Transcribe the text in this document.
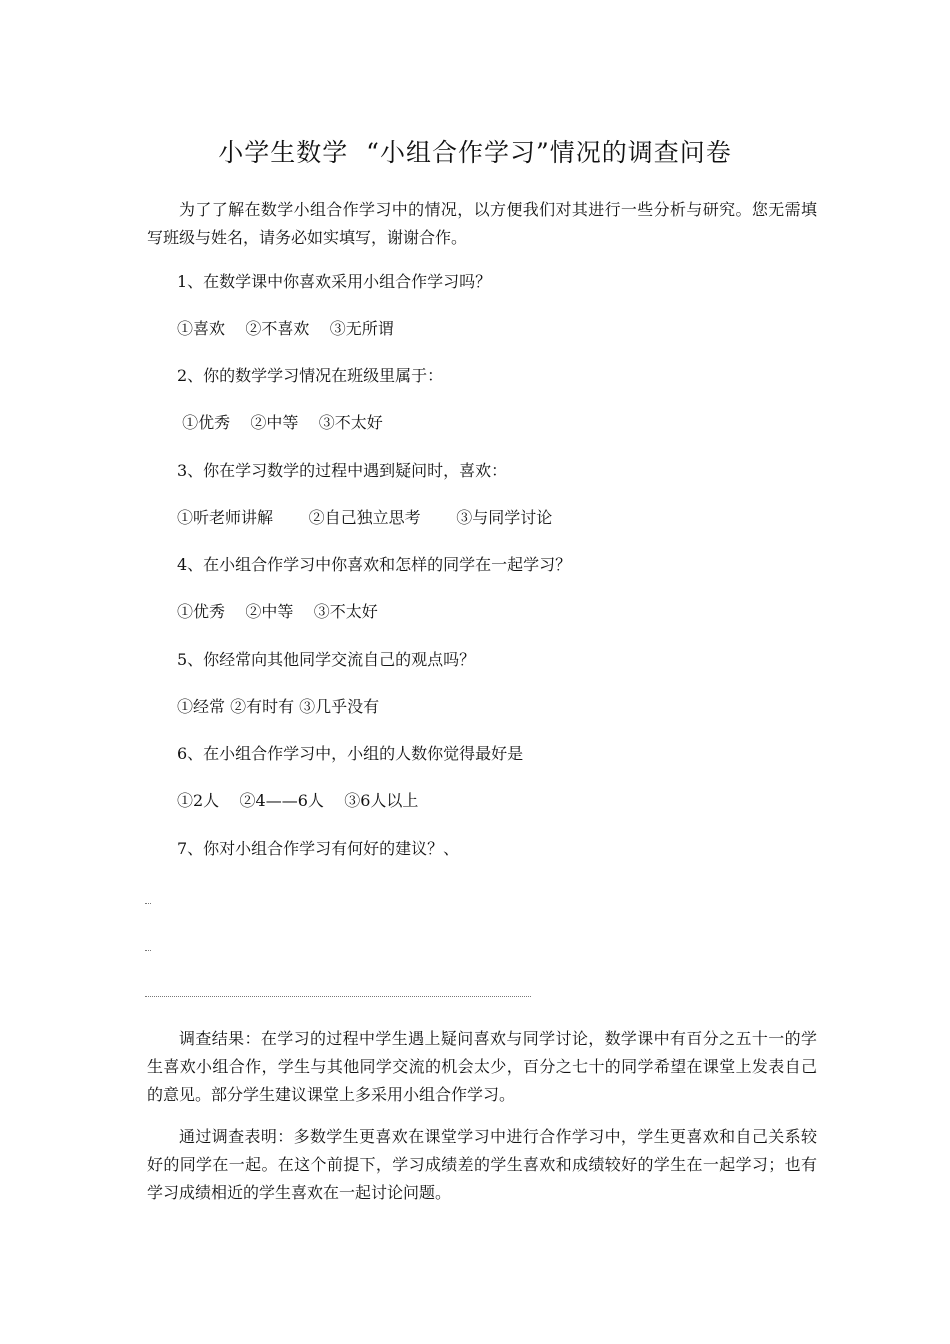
小学生数学  “小组合作学习”情况的调查问卷
为了了解在数学小组合作学习中的情况，以方便我们对其进行一些分析与研究。您无需填写班级与姓名，请务必如实填写，谢谢合作。
1、在数学课中你喜欢采用小组合作学习吗？
①喜欢    ②不喜欢    ③无所谓
2、你的数学学习情况在班级里属于：
①优秀    ②中等    ③不太好
3、你在学习数学的过程中遇到疑问时，喜欢：
①听老师讲解       ②自己独立思考       ③与同学讨论
4、在小组合作学习中你喜欢和怎样的同学在一起学习？
①优秀    ②中等    ③不太好
5、你经常向其他同学交流自己的观点吗？
①经常 ②有时有 ③几乎没有
6、在小组合作学习中，小组的人数你觉得最好是
①2人    ②4——6人    ③6人以上
7、你对小组合作学习有何好的建议？、
调查结果：在学习的过程中学生遇上疑问喜欢与同学讨论，数学课中有百分之五十一的学生喜欢小组合作，学生与其他同学交流的机会太少，百分之七十的同学希望在课堂上发表自己的意见。部分学生建议课堂上多采用小组合作学习。
通过调查表明：多数学生更喜欢在课堂学习中进行合作学习中，学生更喜欢和自己关系较好的同学在一起。在这个前提下，学习成绩差的学生喜欢和成绩较好的学生在一起学习；也有学习成绩相近的学生喜欢在一起讨论问题。
